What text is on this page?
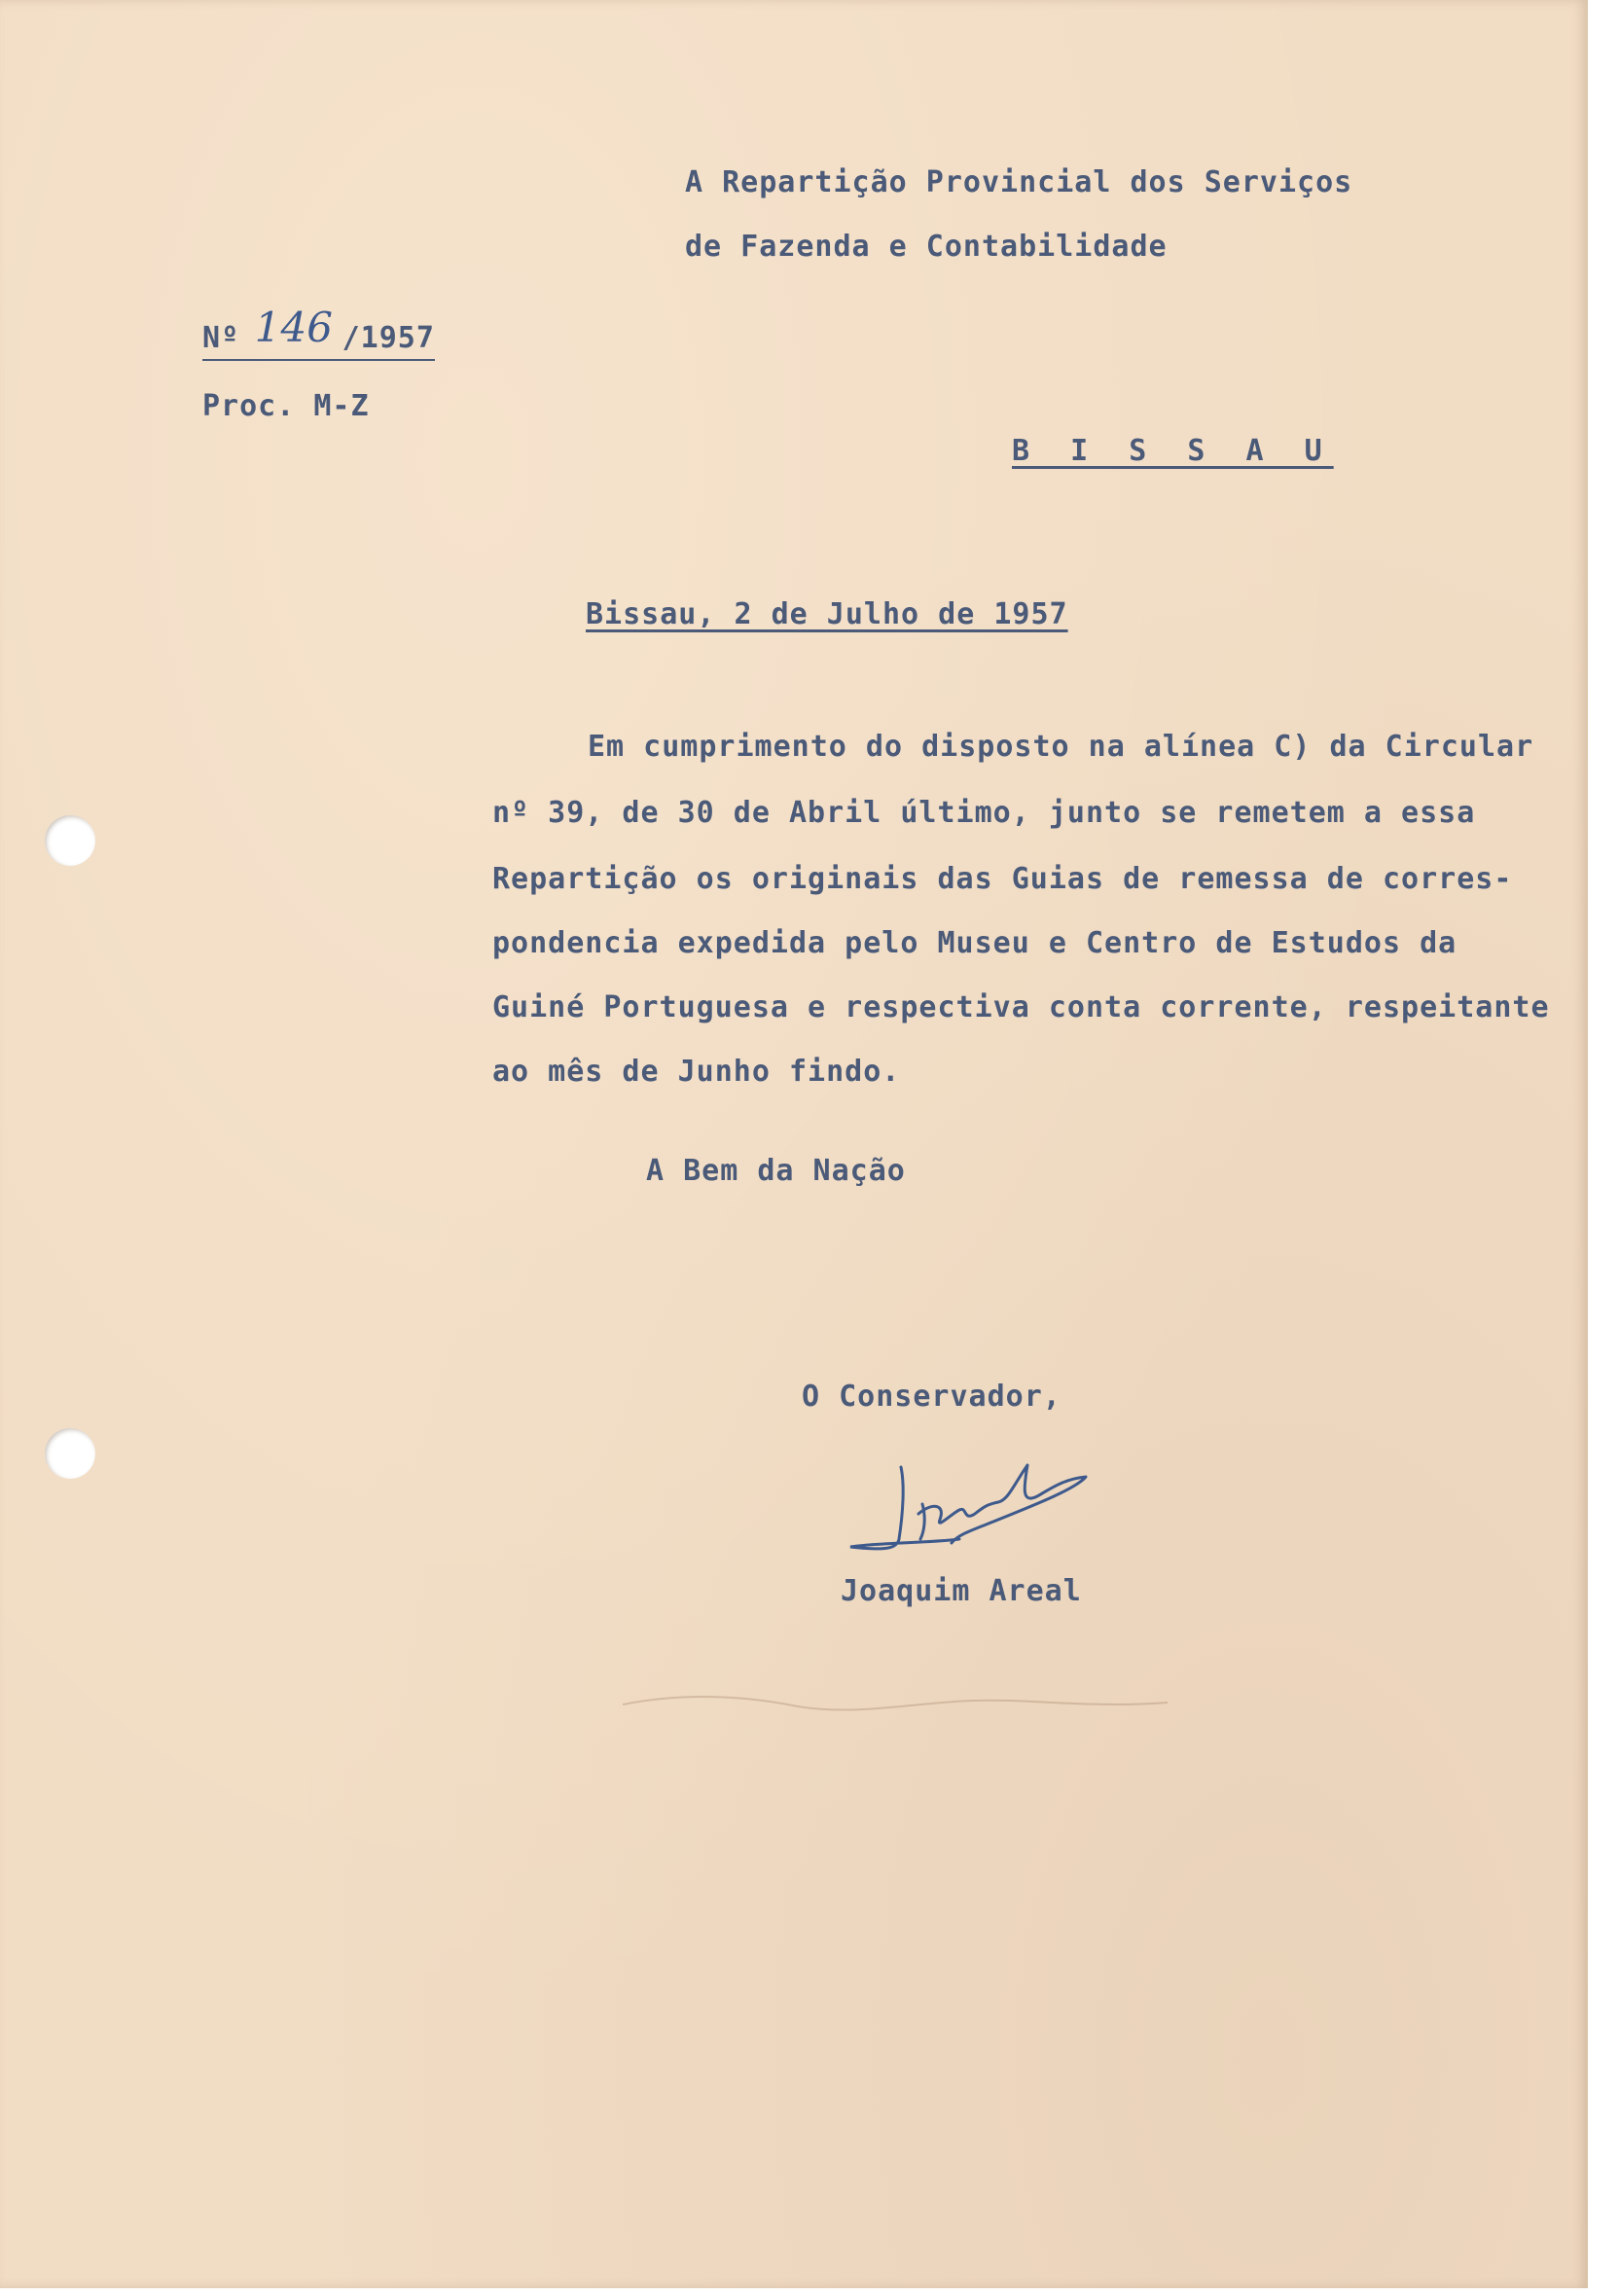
A Repartição Provincial dos Serviços
de Fazenda e Contabilidade
Nº 146 /1957
Proc. M-Z
B I S S A U
Bissau, 2 de Julho de 1957
Em cumprimento do disposto na alínea C) da Circular
nº 39, de 30 de Abril último, junto se remetem a essa
Repartição os originais das Guias de remessa de corres-
pondencia expedida pelo Museu e Centro de Estudos da
Guiné Portuguesa e respectiva conta corrente, respeitante
ao mês de Junho findo.
A Bem da Nação
O Conservador,
Joaquim Areal
